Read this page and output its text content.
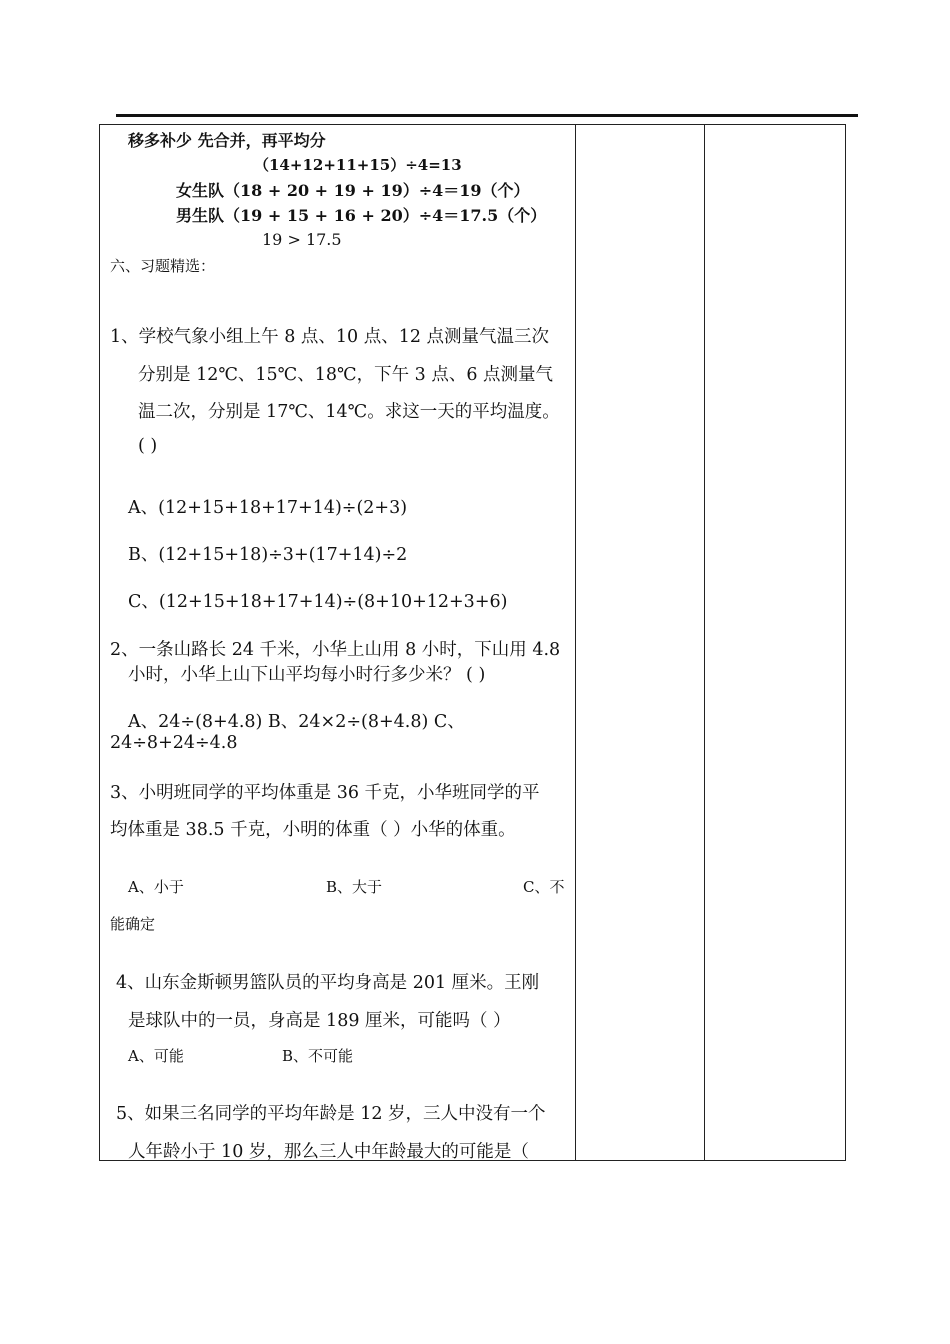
移多补少 先合并，再平均分
（14+12+11+15）÷4=13
女生队（18 + 20 + 19 + 19）÷4＝19（个）
男生队（19 + 15 + 16 + 20）÷4＝17.5（个）
19 > 17.5
六、习题精选：
1、学校气象小组上午 8 点、10 点、12 点测量气温三次
分别是 12℃、15℃、18℃，下午 3 点、6 点测量气
温二次，分别是 17℃、14℃。求这一天的平均温度。
( )
A、(12+15+18+17+14)÷(2+3)
B、(12+15+18)÷3+(17+14)÷2
C、(12+15+18+17+14)÷(8+10+12+3+6)
2、一条山路长 24 千米，小华上山用 8 小时，下山用 4.8
小时，小华上山下山平均每小时行多少米？ ( )
A、24÷(8+4.8) B、24×2÷(8+4.8) C、
24÷8+24÷4.8
3、小明班同学的平均体重是 36 千克，小华班同学的平
均体重是 38.5 千克，小明的体重（ ）小华的体重。
A、小于	B、大于	C、不
能确定
4、山东金斯顿男篮队员的平均身高是 201 厘米。王刚
是球队中的一员，身高是 189 厘米，可能吗（ ）
A、可能	B、不可能
5、如果三名同学的平均年龄是 12 岁，三人中没有一个
人年龄小于 10 岁，那么三人中年龄最大的可能是（
